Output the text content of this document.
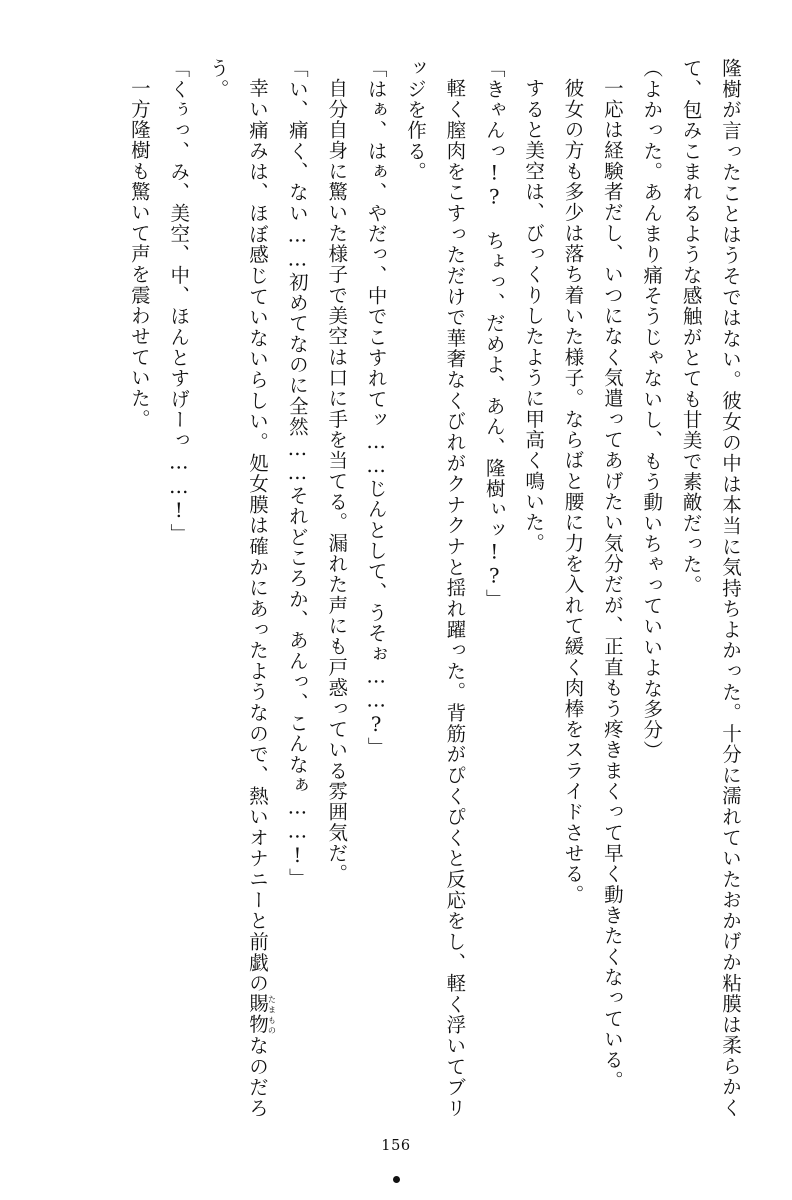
隆樹が言ったことはうそではない。彼女の中は本当に気持ちよかった。十分に濡れていたおかげか粘膜は柔らかくて、包みこまれるような感触がとても甘美で素敵だった。

（よかった。あんまり痛そうじゃないし、もう動いちゃっていいよな多分）

一応は経験者だし、いつになく気遣ってあげたい気分だが、正直もう疼きまくって早く動きたくなっている。

彼女の方も多少は落ち着いた様子。ならばと腰に力を入れて緩く肉棒をスライドさせる。

すると美空は、びっくりしたように甲高く鳴いた。

「きゃんっ!?　ちょっ、だめよ、あん、隆樹ぃッ!?」

軽く膣肉をこすっただけで華奢なくびれがクナクナと揺れ躍った。背筋がぴくぴくと反応をし、軽く浮いてブリッジを作る。

「はぁ、はぁ、やだっ、中でこすれてッ……じんとして、うそぉ……?」

自分自身に驚いた様子で美空は口に手を当てる。漏れた声にも戸惑っている雰囲気だ。

「い、痛く、ない……初めてなのに全然……それどころか、あんっ、こんなぁ……!」

幸い痛みは、ほぼ感じていないらしい。処女膜は確かにあったようなので、熱いオナニーと前戯の賜物たまものなのだろう。

「くぅっ、み、美空、中、ほんとすげーっ……!」

一方隆樹も驚いて声を震わせていた。

156
